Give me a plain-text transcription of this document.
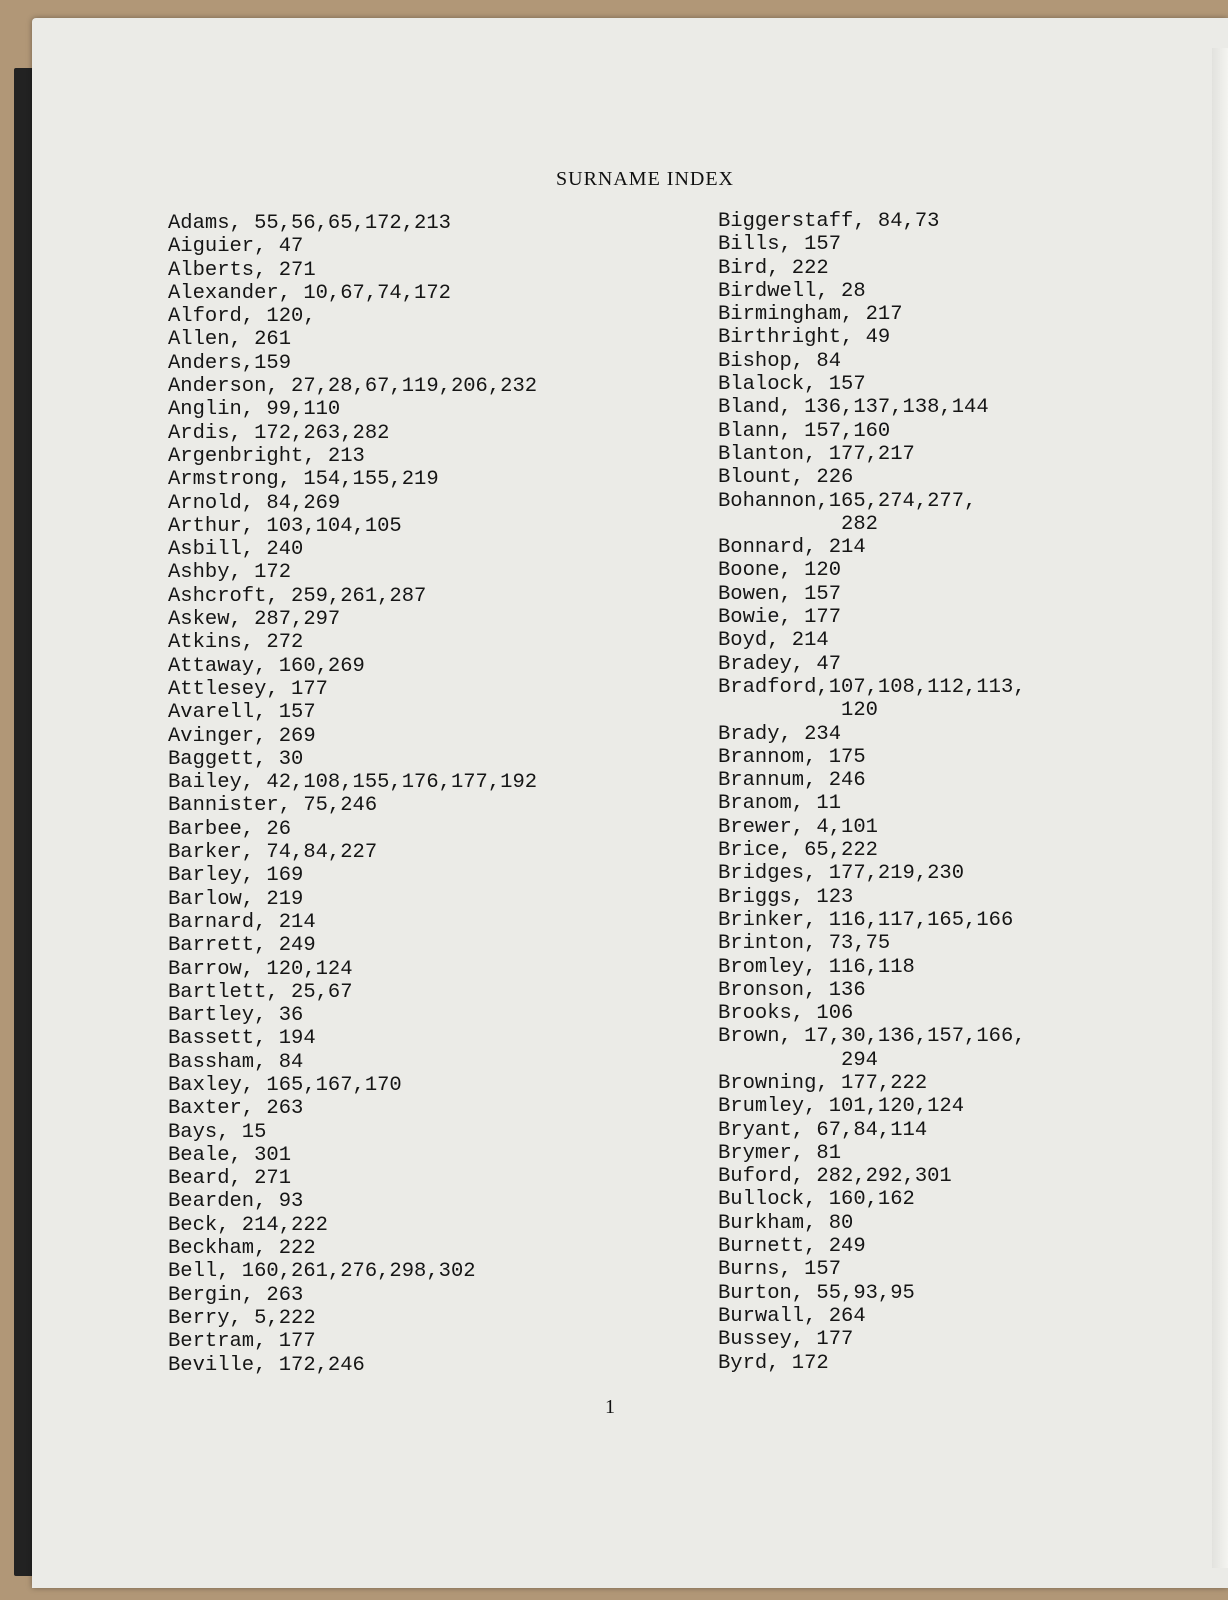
SURNAME INDEX
Adams, 55,56,65,172,213
Aiguier, 47
Alberts, 271
Alexander, 10,67,74,172
Alford, 120,
Allen, 261
Anders,159
Anderson, 27,28,67,119,206,232
Anglin, 99,110
Ardis, 172,263,282
Argenbright, 213
Armstrong, 154,155,219
Arnold, 84,269
Arthur, 103,104,105
Asbill, 240
Ashby, 172
Ashcroft, 259,261,287
Askew, 287,297
Atkins, 272
Attaway, 160,269
Attlesey, 177
Avarell, 157
Avinger, 269
Baggett, 30
Bailey, 42,108,155,176,177,192
Bannister, 75,246
Barbee, 26
Barker, 74,84,227
Barley, 169
Barlow, 219
Barnard, 214
Barrett, 249
Barrow, 120,124
Bartlett, 25,67
Bartley, 36
Bassett, 194
Bassham, 84
Baxley, 165,167,170
Baxter, 263
Bays, 15
Beale, 301
Beard, 271
Bearden, 93
Beck, 214,222
Beckham, 222
Bell, 160,261,276,298,302
Bergin, 263
Berry, 5,222
Bertram, 177
Beville, 172,246
Biggerstaff, 84,73
Bills, 157
Bird, 222
Birdwell, 28
Birmingham, 217
Birthright, 49
Bishop, 84
Blalock, 157
Bland, 136,137,138,144
Blann, 157,160
Blanton, 177,217
Blount, 226
Bohannon,165,274,277,
282
Bonnard, 214
Boone, 120
Bowen, 157
Bowie, 177
Boyd, 214
Bradey, 47
Bradford,107,108,112,113,
120
Brady, 234
Brannom, 175
Brannum, 246
Branom, 11
Brewer, 4,101
Brice, 65,222
Bridges, 177,219,230
Briggs, 123
Brinker, 116,117,165,166
Brinton, 73,75
Bromley, 116,118
Bronson, 136
Brooks, 106
Brown, 17,30,136,157,166,
294
Browning, 177,222
Brumley, 101,120,124
Bryant, 67,84,114
Brymer, 81
Buford, 282,292,301
Bullock, 160,162
Burkham, 80
Burnett, 249
Burns, 157
Burton, 55,93,95
Burwall, 264
Bussey, 177
Byrd, 172
1
